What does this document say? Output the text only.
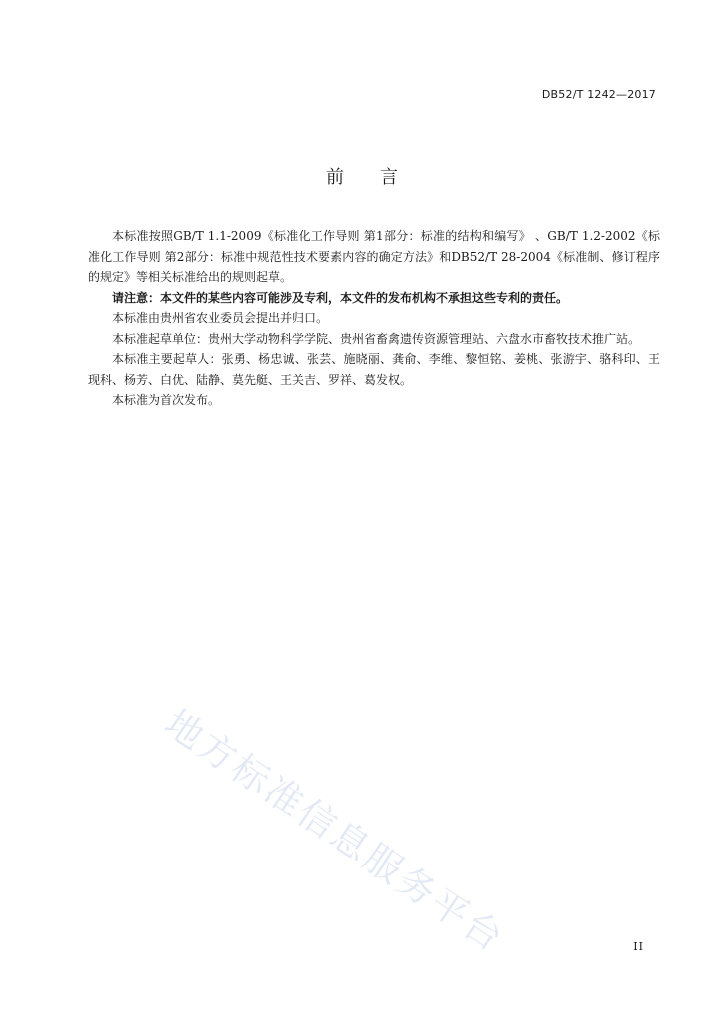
DB52/T 1242—2017
前 言

本标准按照GB/T 1.1-2009《标准化工作导则 第1部分：标准的结构和编写》 、GB/T 1.2-2002《标准化工作导则 第2部分：标准中规范性技术要素内容的确定方法》和DB52/T 28-2004《标准制、修订程序的规定》等相关标准给出的规则起草。

请注意：本文件的某些内容可能涉及专利，本文件的发布机构不承担这些专利的责任。

本标准由贵州省农业委员会提出并归口。

本标准起草单位：贵州大学动物科学学院、贵州省畜禽遗传资源管理站、六盘水市畜牧技术推广站。

本标准主要起草人：张勇、杨忠诚、张芸、施晓丽、龚俞、李维、黎恒铭、姜桃、张游宇、骆科印、王现科、杨芳、白优、陆静、莫先艇、王关吉、罗祥、葛发权。

本标准为首次发布。

地方标准信息服务平台	II
